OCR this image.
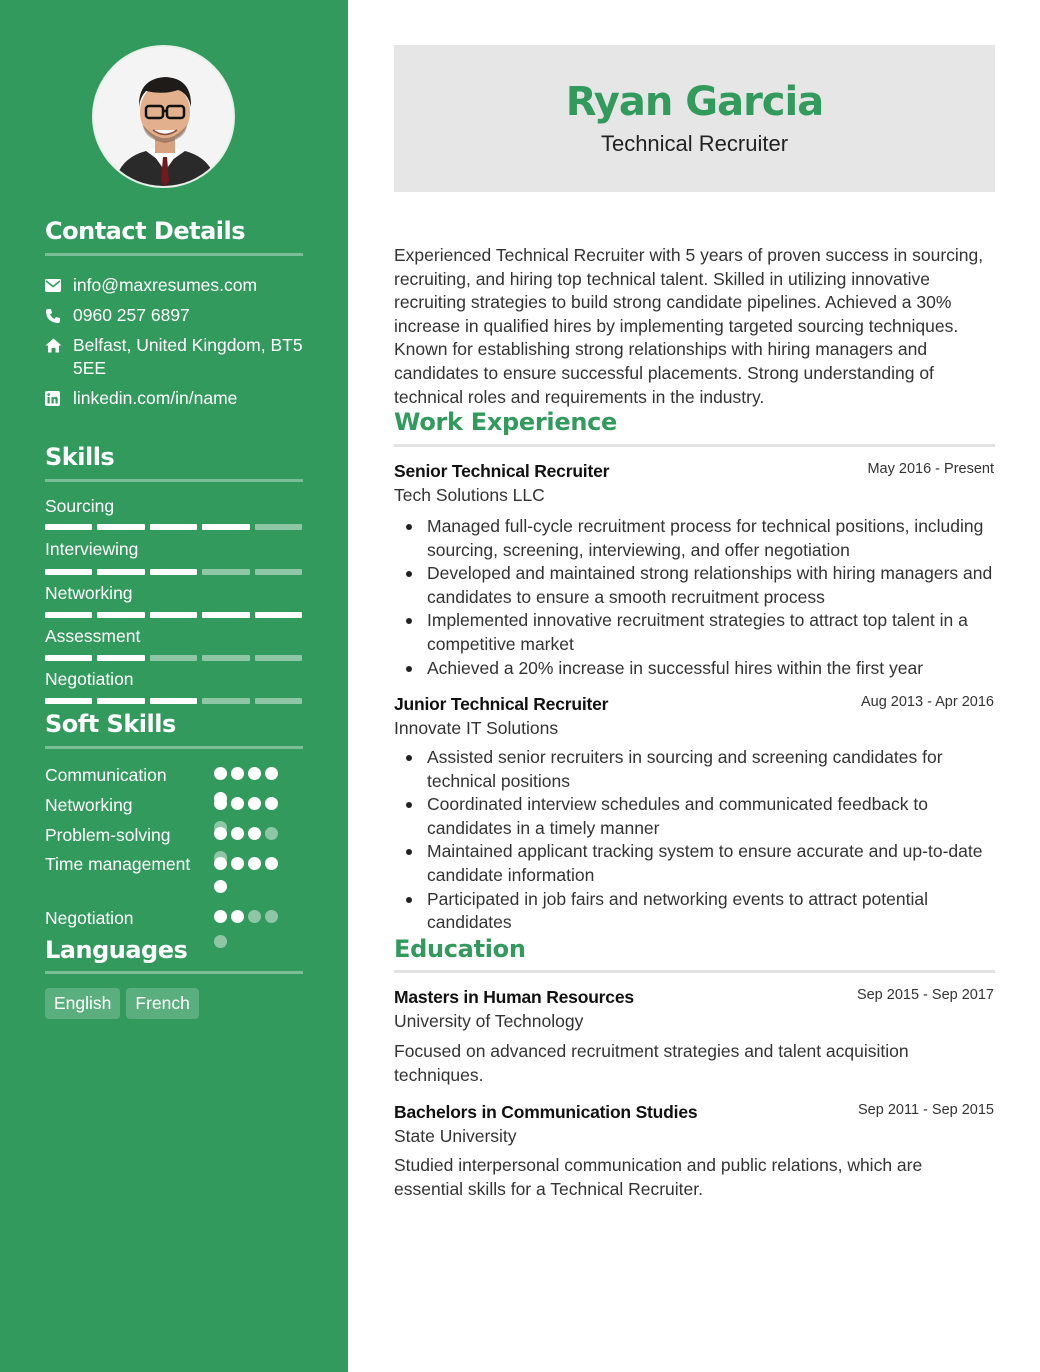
Contact Details
info@maxresumes.com
0960 257 6897
Belfast, United Kingdom, BT5 5EE
linkedin.com/in/name
Skills
Sourcing
Interviewing
Networking
Assessment
Negotiation
Soft Skills
Communication
Networking
Problem-solving
Time management
Negotiation
Languages
English	French
Ryan Garcia
Technical Recruiter
Experienced Technical Recruiter with 5 years of proven success in sourcing, recruiting, and hiring top technical talent. Skilled in utilizing innovative recruiting strategies to build strong candidate pipelines. Achieved a 30% increase in qualified hires by implementing targeted sourcing techniques. Known for establishing strong relationships with hiring managers and candidates to ensure successful placements. Strong understanding of technical roles and requirements in the industry.
Work Experience
Senior Technical Recruiter	May 2016 - Present
Tech Solutions LLC
Managed full-cycle recruitment process for technical positions, including sourcing, screening, interviewing, and offer negotiation
Developed and maintained strong relationships with hiring managers and candidates to ensure a smooth recruitment process
Implemented innovative recruitment strategies to attract top talent in a competitive market
Achieved a 20% increase in successful hires within the first year
Junior Technical Recruiter	Aug 2013 - Apr 2016
Innovate IT Solutions
Assisted senior recruiters in sourcing and screening candidates for technical positions
Coordinated interview schedules and communicated feedback to candidates in a timely manner
Maintained applicant tracking system to ensure accurate and up-to-date candidate information
Participated in job fairs and networking events to attract potential candidates
Education
Masters in Human Resources	Sep 2015 - Sep 2017
University of Technology
Focused on advanced recruitment strategies and talent acquisition techniques.
Bachelors in Communication Studies	Sep 2011 - Sep 2015
State University
Studied interpersonal communication and public relations, which are essential skills for a Technical Recruiter.
